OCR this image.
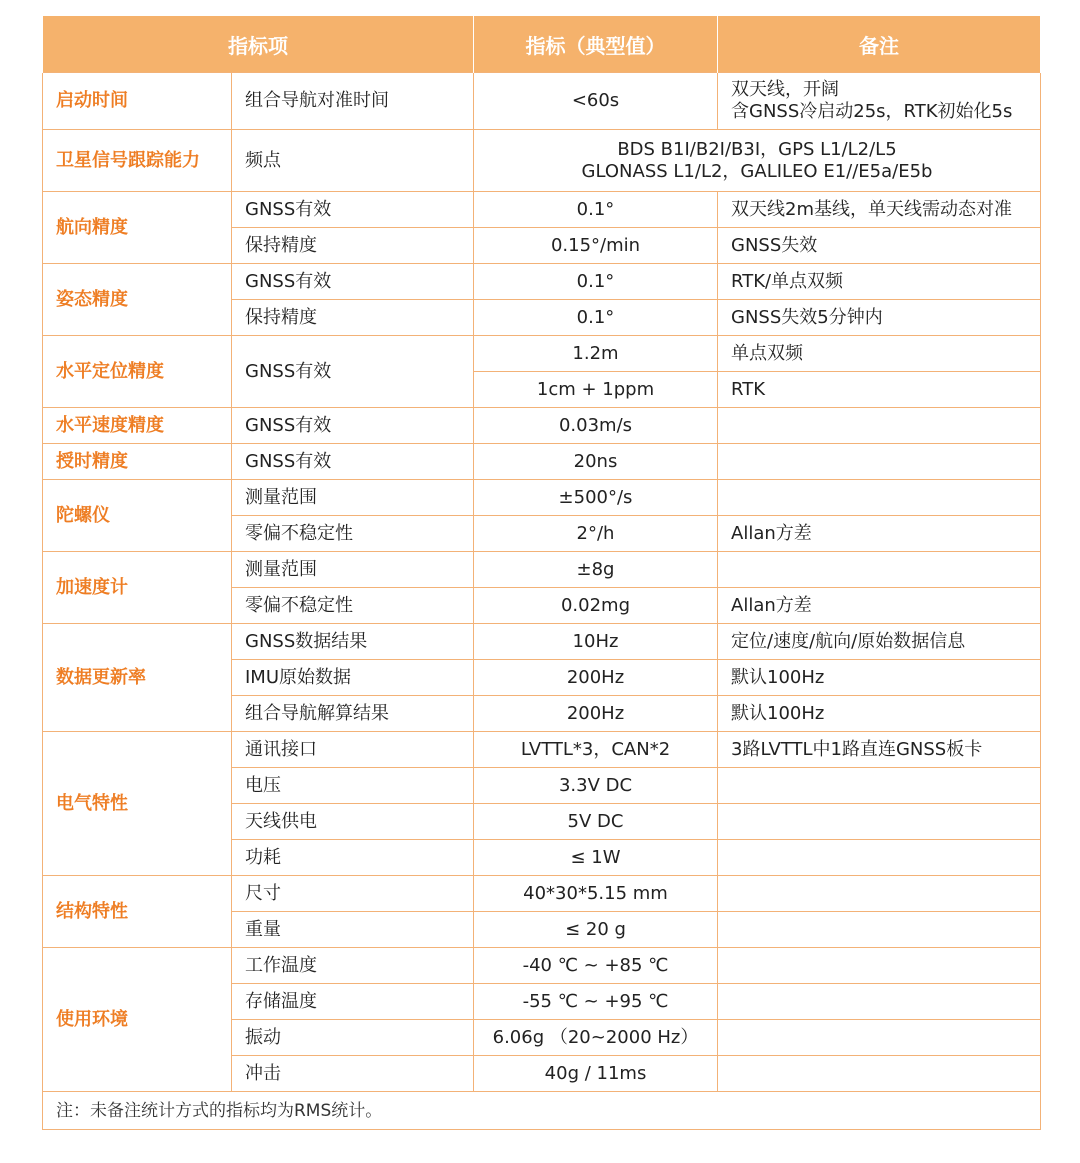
指标项		指标（典型值）	备注
启动时间	组合导航对准时间	<60s	双天线，开阔
含GNSS冷启动25s，RTK初始化5s

卫星信号跟踪能力	频点	BDS B1I/B2I/B3I，GPS L1/L2/L5
GLONASS L1/L2，GALILEO E1//E5a/E5b	

航向精度	GNSS有效	0.1°	双天线2m基线，单天线需动态对准
	保持精度	0.15°/min	GNSS失效
姿态精度	GNSS有效	0.1°	RTK/单点双频
	保持精度	0.1°	GNSS失效5分钟内
水平定位精度	GNSS有效	1.2m	单点双频
		1cm + 1ppm	RTK
水平速度精度	GNSS有效	0.03m/s	
授时精度	GNSS有效	20ns	
陀螺仪	测量范围	±500°/s	
	零偏不稳定性	2°/h	Allan方差
加速度计	测量范围	±8g	
	零偏不稳定性	0.02mg	Allan方差
数据更新率	GNSS数据结果	10Hz	定位/速度/航向/原始数据信息
	IMU原始数据	200Hz	默认100Hz
	组合导航解算结果	200Hz	默认100Hz
电气特性	通讯接口	LVTTL*3，CAN*2	3路LVTTL中1路直连GNSS板卡
	电压	3.3V DC	
	天线供电	5V DC	
	功耗	≤ 1W	
结构特性	尺寸	40*30*5.15 mm	
	重量	≤ 20 g	
使用环境	工作温度	-40 ℃ ~ +85 ℃	
	存储温度	-55 ℃ ~ +95 ℃	
	振动	6.06g （20~2000 Hz）	
	冲击	40g / 11ms	
注：未备注统计方式的指标均为RMS统计。			
